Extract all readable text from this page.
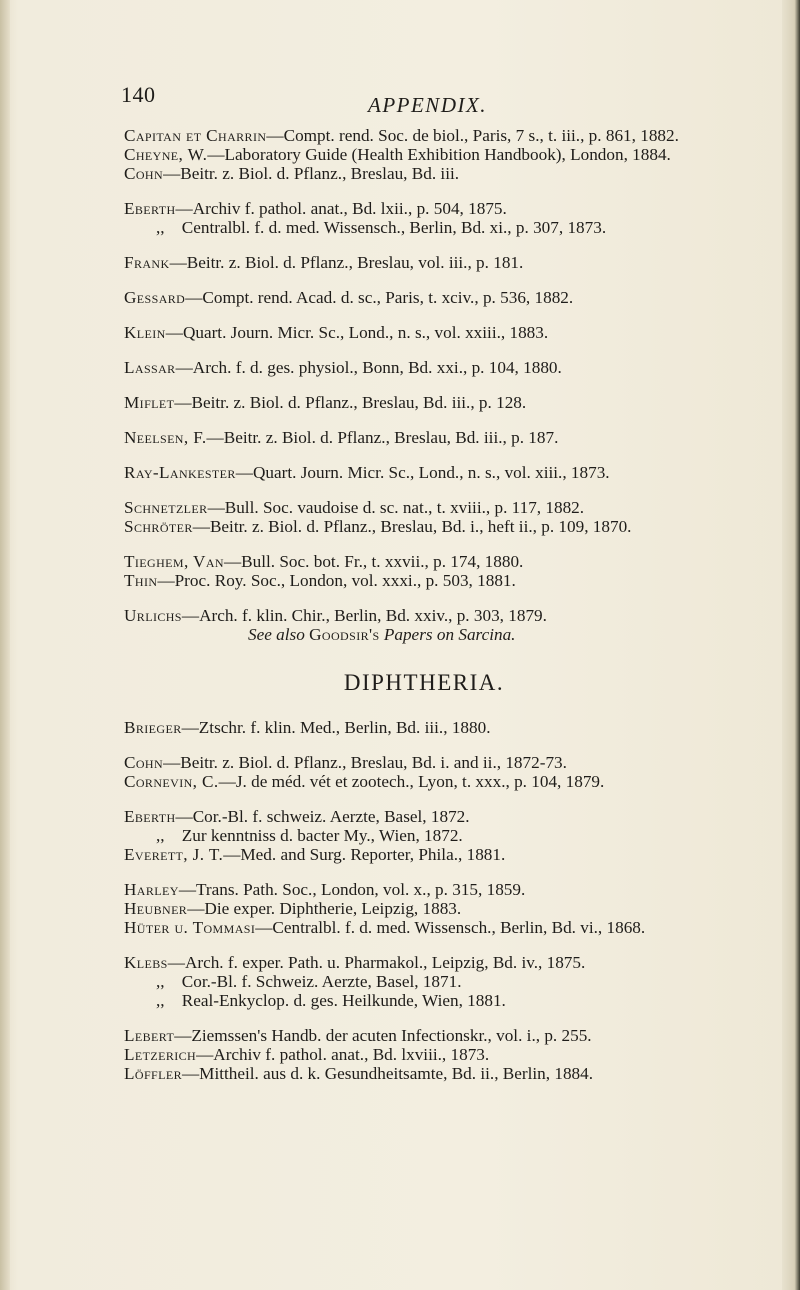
140	APPENDIX.
Capitan et Charrin—Compt. rend. Soc. de biol., Paris, 7 s., t. iii., p. 861, 1882.
Cheyne, W.—Laboratory Guide (Health Exhibition Handbook), London, 1884.
Cohn—Beitr. z. Biol. d. Pflanz., Breslau, Bd. iii.
Eberth—Archiv f. pathol. anat., Bd. lxii., p. 504, 1875.
,, Centralbl. f. d. med. Wissensch., Berlin, Bd. xi., p. 307, 1873.
Frank—Beitr. z. Biol. d. Pflanz., Breslau, vol. iii., p. 181.
Gessard—Compt. rend. Acad. d. sc., Paris, t. xciv., p. 536, 1882.
Klein—Quart. Journ. Micr. Sc., Lond., n. s., vol. xxiii., 1883.
Lassar—Arch. f. d. ges. physiol., Bonn, Bd. xxi., p. 104, 1880.
Miflet—Beitr. z. Biol. d. Pflanz., Breslau, Bd. iii., p. 128.
Neelsen, F.—Beitr. z. Biol. d. Pflanz., Breslau, Bd. iii., p. 187.
Ray-Lankester—Quart. Journ. Micr. Sc., Lond., n. s., vol. xiii., 1873.
Schnetzler—Bull. Soc. vaudoise d. sc. nat., t. xviii., p. 117, 1882.
Schröter—Beitr. z. Biol. d. Pflanz., Breslau, Bd. i., heft ii., p. 109, 1870.
Tieghem, Van—Bull. Soc. bot. Fr., t. xxvii., p. 174, 1880.
Thin—Proc. Roy. Soc., London, vol. xxxi., p. 503, 1881.
Urlichs—Arch. f. klin. Chir., Berlin, Bd. xxiv., p. 303, 1879.
See also Goodsir's Papers on Sarcina.
DIPHTHERIA.
Brieger—Ztschr. f. klin. Med., Berlin, Bd. iii., 1880.
Cohn—Beitr. z. Biol. d. Pflanz., Breslau, Bd. i. and ii., 1872-73.
Cornevin, C.—J. de méd. vét et zootech., Lyon, t. xxx., p. 104, 1879.
Eberth—Cor.-Bl. f. schweiz. Aerzte, Basel, 1872.
,, Zur kenntniss d. bacter My., Wien, 1872.
Everett, J. T.—Med. and Surg. Reporter, Phila., 1881.
Harley—Trans. Path. Soc., London, vol. x., p. 315, 1859.
Heubner—Die exper. Diphtherie, Leipzig, 1883.
Hüter u. Tommasi—Centralbl. f. d. med. Wissensch., Berlin, Bd. vi., 1868.
Klebs—Arch. f. exper. Path. u. Pharmakol., Leipzig, Bd. iv., 1875.
,, Cor.-Bl. f. Schweiz. Aerzte, Basel, 1871.
,, Real-Enkyclop. d. ges. Heilkunde, Wien, 1881.
Lebert—Ziemssen's Handb. der acuten Infectionskr., vol. i., p. 255.
Letzerich—Archiv f. pathol. anat., Bd. lxviii., 1873.
Löffler—Mittheil. aus d. k. Gesundheitsamte, Bd. ii., Berlin, 1884.
